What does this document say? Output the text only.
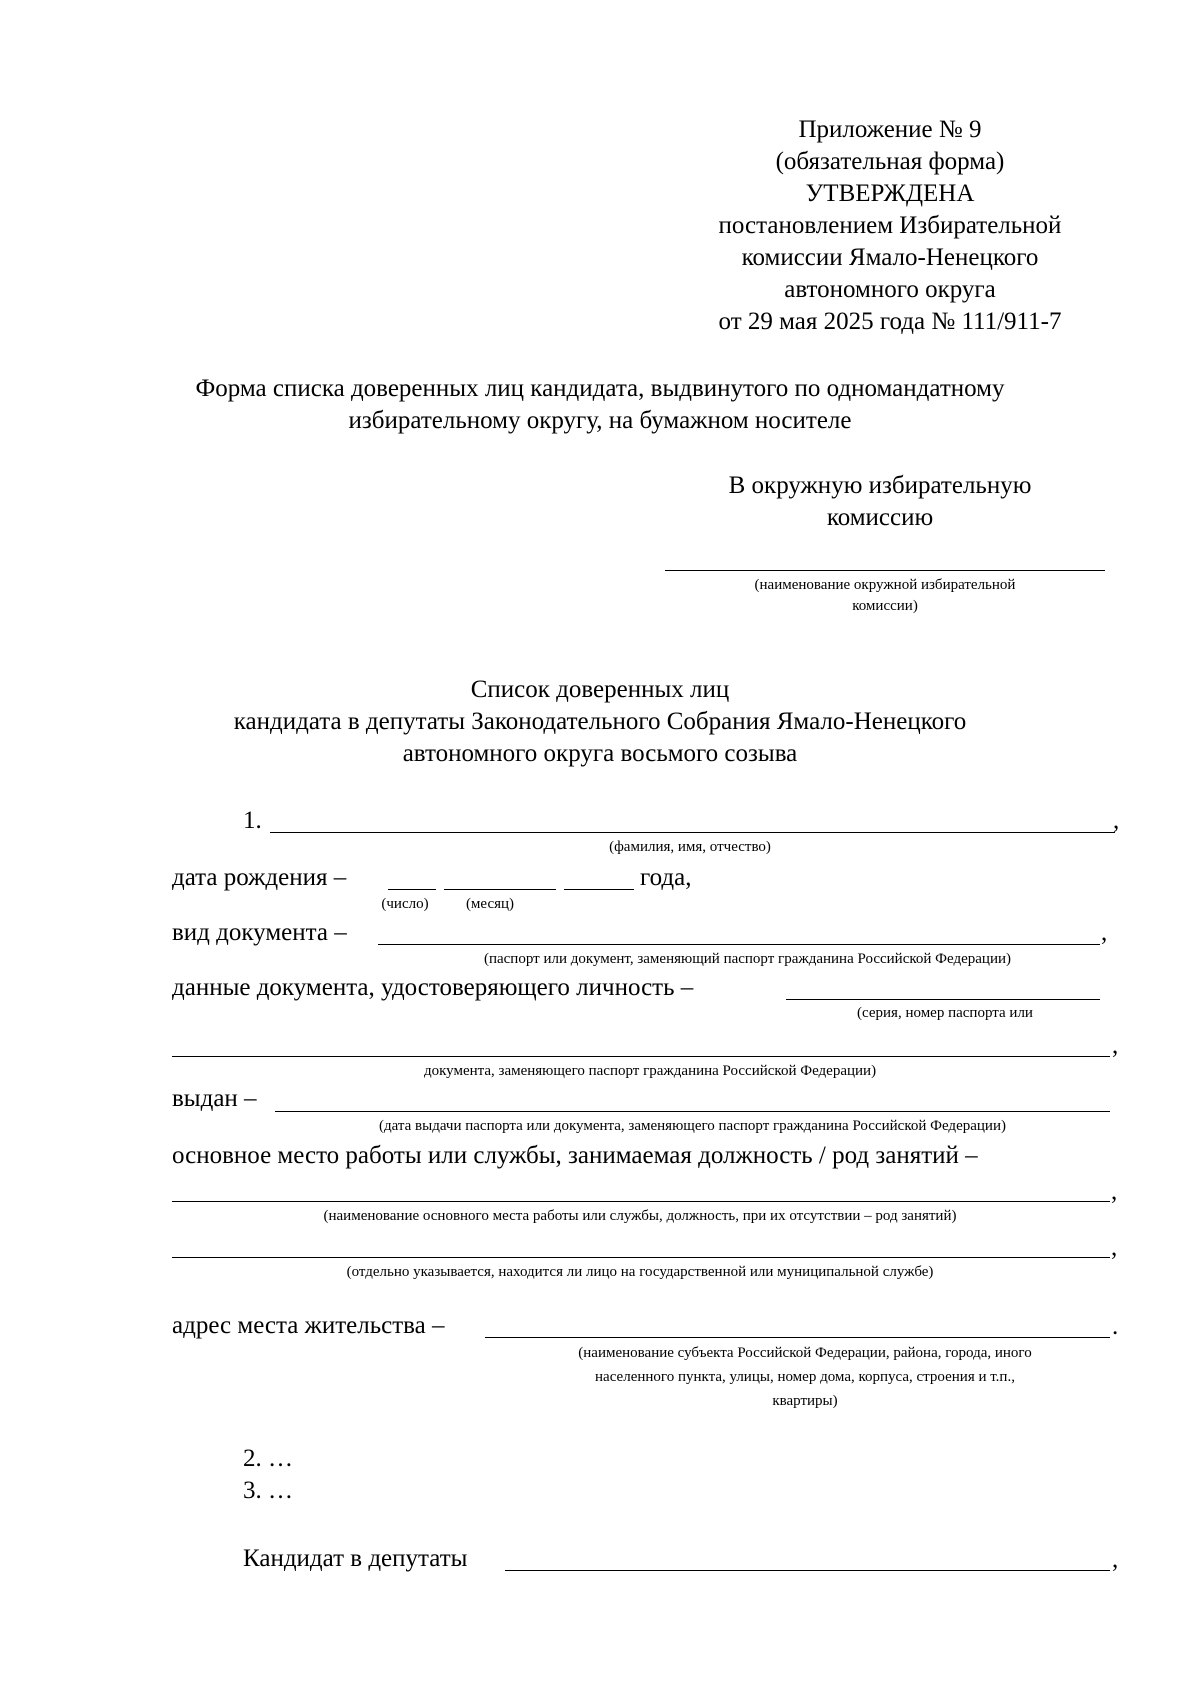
Приложение № 9
(обязательная форма)
УТВЕРЖДЕНА
постановлением Избирательной
комиссии Ямало-Ненецкого
автономного округа
от 29 мая 2025 года № 111/911-7
Форма списка доверенных лиц кандидата, выдвинутого по одномандатному
избирательному округу, на бумажном носителе
В окружную избирательную
комиссию
(наименование окружной избирательной
комиссии)
Список доверенных лиц
кандидата в депутаты Законодательного Собрания Ямало-Ненецкого
автономного округа восьмого созыва
1.	,
(фамилия, имя, отчество)
дата рождения –	года,
(число)	(месяц)
вид документа –	,
(паспорт или документ, заменяющий паспорт гражданина Российской Федерации)
данные документа, удостоверяющего личность –
(серия, номер паспорта или
,
документа, заменяющего паспорт гражданина Российской Федерации)
выдан –
(дата выдачи паспорта или документа, заменяющего паспорт гражданина Российской Федерации)
основное место работы или службы, занимаемая должность / род занятий –
,
(наименование основного места работы или службы, должность, при их отсутствии – род занятий)
,
(отдельно указывается, находится ли лицо на государственной или муниципальной службе)
адрес места жительства –	.
(наименование субъекта Российской Федерации, района, города, иного
населенного пункта, улицы, номер дома, корпуса, строения и т.п.,
квартиры)
2. …
3. …
Кандидат в депутаты	,
